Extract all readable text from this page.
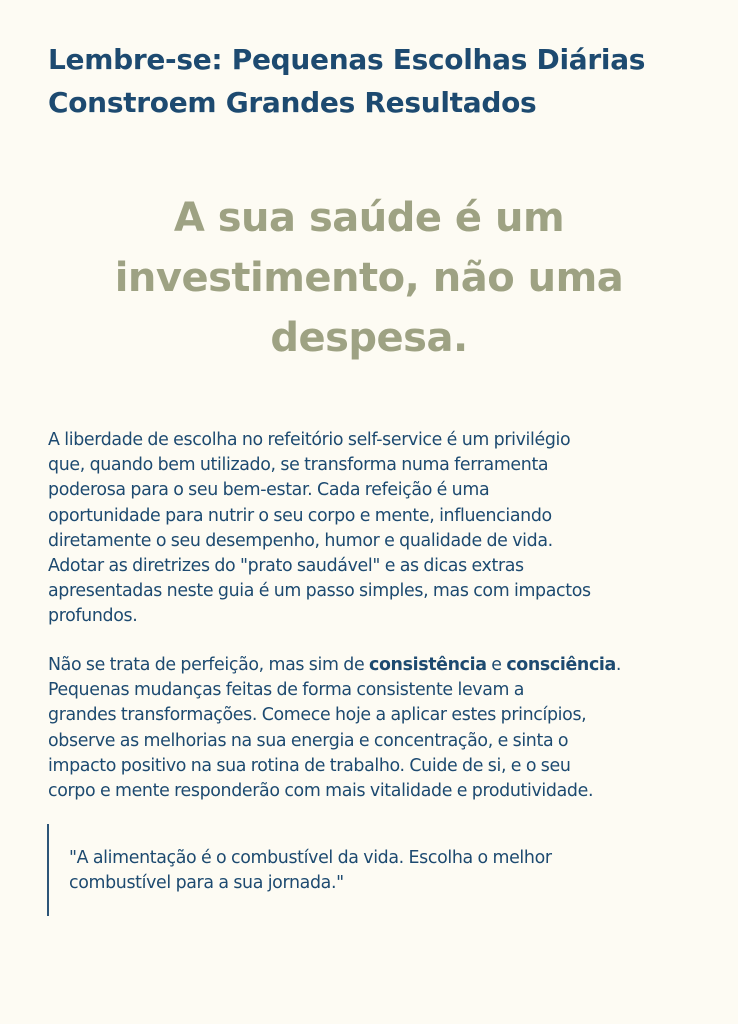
Lembre-se: Pequenas Escolhas Diárias
Constroem Grandes Resultados

A sua saúde é um
investimento, não uma
despesa.

A liberdade de escolha no refeitório self-service é um privilégio
que, quando bem utilizado, se transforma numa ferramenta
poderosa para o seu bem-estar. Cada refeição é uma
oportunidade para nutrir o seu corpo e mente, influenciando
diretamente o seu desempenho, humor e qualidade de vida.
Adotar as diretrizes do "prato saudável" e as dicas extras
apresentadas neste guia é um passo simples, mas com impactos
profundos.

Não se trata de perfeição, mas sim de consistência e consciência.
Pequenas mudanças feitas de forma consistente levam a
grandes transformações. Comece hoje a aplicar estes princípios,
observe as melhorias na sua energia e concentração, e sinta o
impacto positivo na sua rotina de trabalho. Cuide de si, e o seu
corpo e mente responderão com mais vitalidade e produtividade.

"A alimentação é o combustível da vida. Escolha o melhor
combustível para a sua jornada."
